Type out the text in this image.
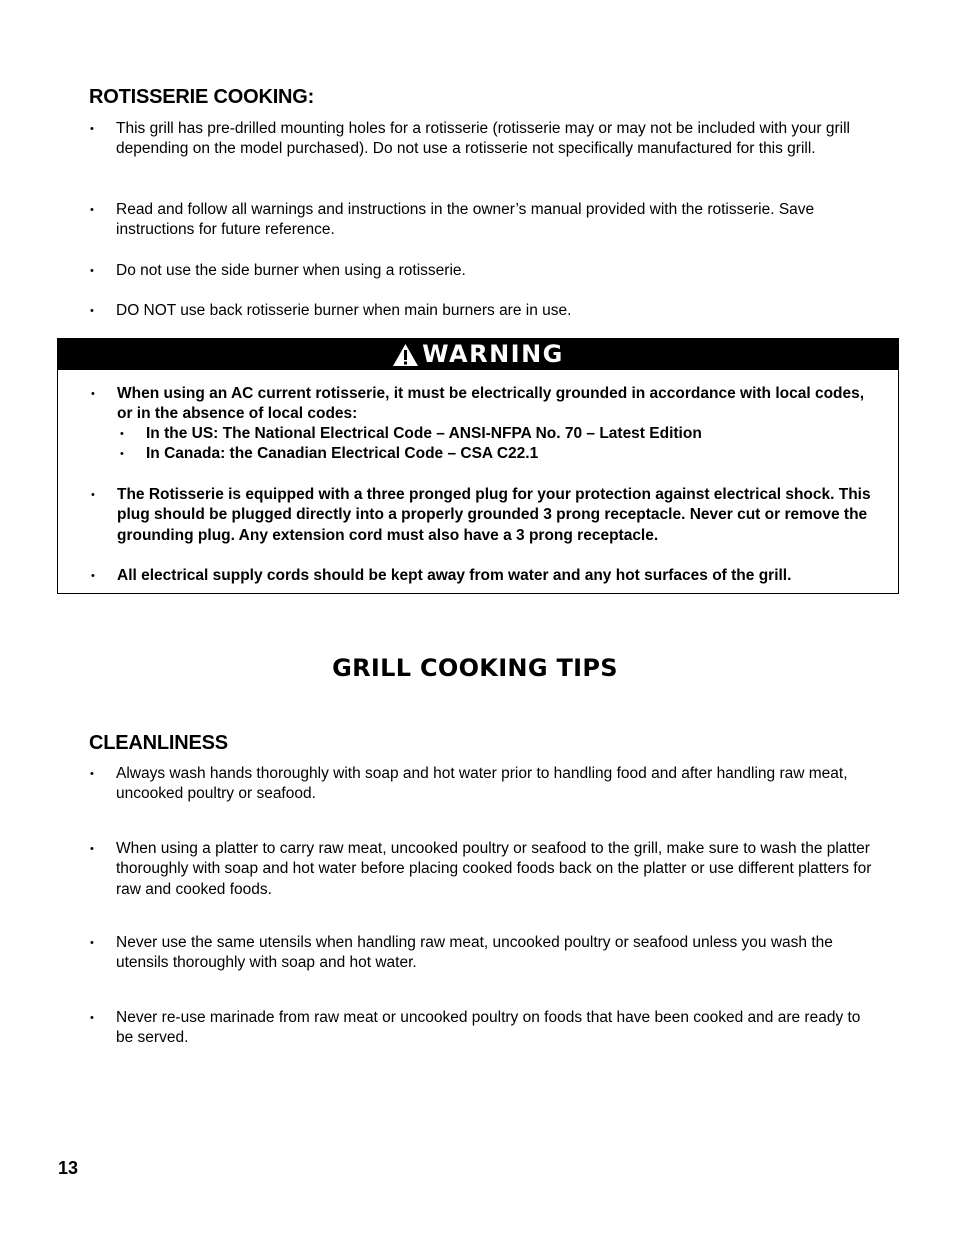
ROTISSERIE COOKING:
• This grill has pre-drilled mounting holes for a rotisserie (rotisserie may or may not be included with your grill depending on the model purchased). Do not use a rotisserie not specifically manufactured for this grill.
• Read and follow all warnings and instructions in the owner’s manual provided with the rotisserie. Save instructions for future reference.
• Do not use the side burner when using a rotisserie.
• DO NOT use back rotisserie burner when main burners are in use.
WARNING
• When using an AC current rotisserie, it must be electrically grounded in accordance with local codes, or in the absence of local codes:
• In the US: The National Electrical Code – ANSI-NFPA No. 70 – Latest Edition
• In Canada: the Canadian Electrical Code – CSA C22.1
• The Rotisserie is equipped with a three pronged plug for your protection against electrical shock. This plug should be plugged directly into a properly grounded 3 prong receptacle. Never cut or remove the grounding plug. Any extension cord must also have a 3 prong receptacle.
• All electrical supply cords should be kept away from water and any hot surfaces of the grill.
GRILL COOKING TIPS
CLEANLINESS
• Always wash hands thoroughly with soap and hot water prior to handling food and after handling raw meat, uncooked poultry or seafood.
• When using a platter to carry raw meat, uncooked poultry or seafood to the grill, make sure to wash the platter thoroughly with soap and hot water before placing cooked foods back on the platter or use different platters for raw and cooked foods.
• Never use the same utensils when handling raw meat, uncooked poultry or seafood unless you wash the utensils thoroughly with soap and hot water.
• Never re-use marinade from raw meat or uncooked poultry on foods that have been cooked and are ready to be served.
13
